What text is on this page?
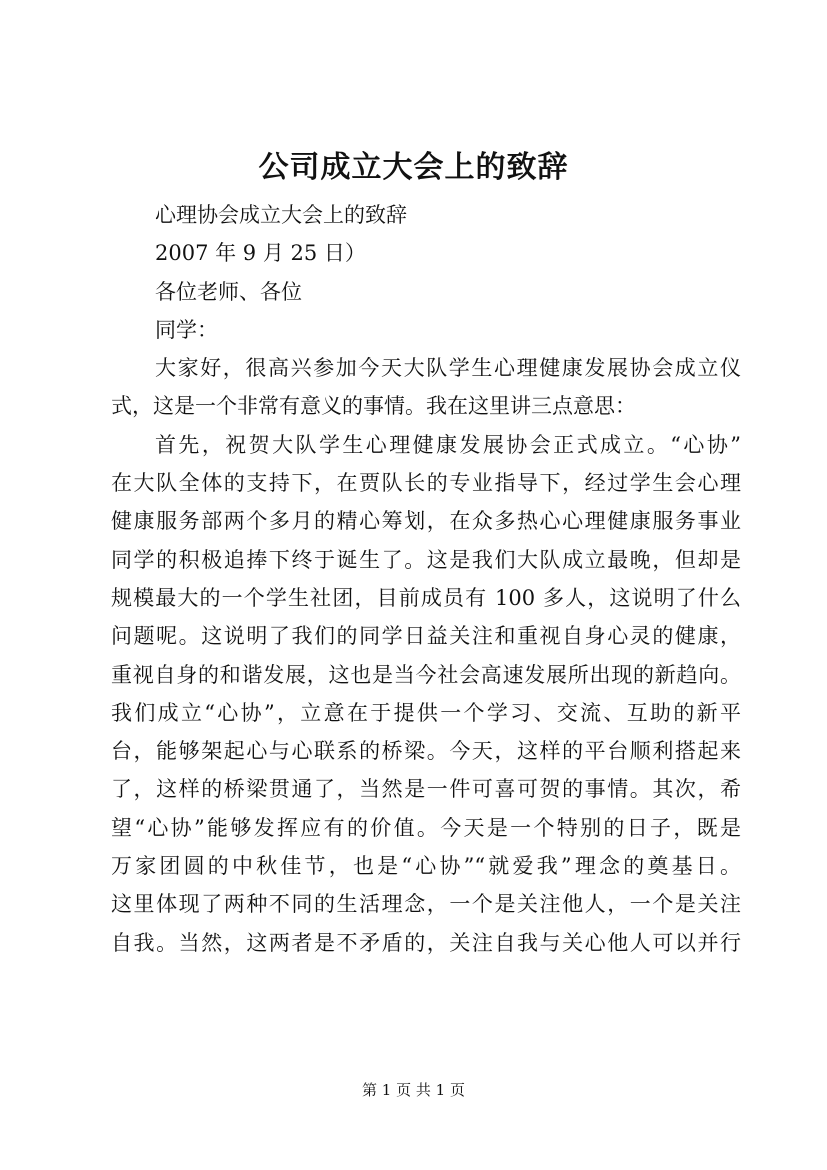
公司成立大会上的致辞
心理协会成立大会上的致辞
2007 年 9 月 25 日）
各位老师、各位
同学：
大家好，很高兴参加今天大队学生心理健康发展协会成立仪
式，这是一个非常有意义的事情。我在这里讲三点意思：
首先，祝贺大队学生心理健康发展协会正式成立。“心协”
在大队全体的支持下，在贾队长的专业指导下，经过学生会心理
健康服务部两个多月的精心筹划，在众多热心心理健康服务事业
同学的积极追捧下终于诞生了。这是我们大队成立最晚，但却是
规模最大的一个学生社团，目前成员有 100 多人，这说明了什么
问题呢。这说明了我们的同学日益关注和重视自身心灵的健康，
重视自身的和谐发展，这也是当今社会高速发展所出现的新趋向。
我们成立“心协”，立意在于提供一个学习、交流、互助的新平
台，能够架起心与心联系的桥梁。今天，这样的平台顺利搭起来
了，这样的桥梁贯通了，当然是一件可喜可贺的事情。其次，希
望“心协”能够发挥应有的价值。今天是一个特别的日子，既是
万家团圆的中秋佳节，也是“心协”“就爱我”理念的奠基日。
这里体现了两种不同的生活理念，一个是关注他人，一个是关注
自我。当然，这两者是不矛盾的，关注自我与关心他人可以并行
第 1 页 共 1 页
